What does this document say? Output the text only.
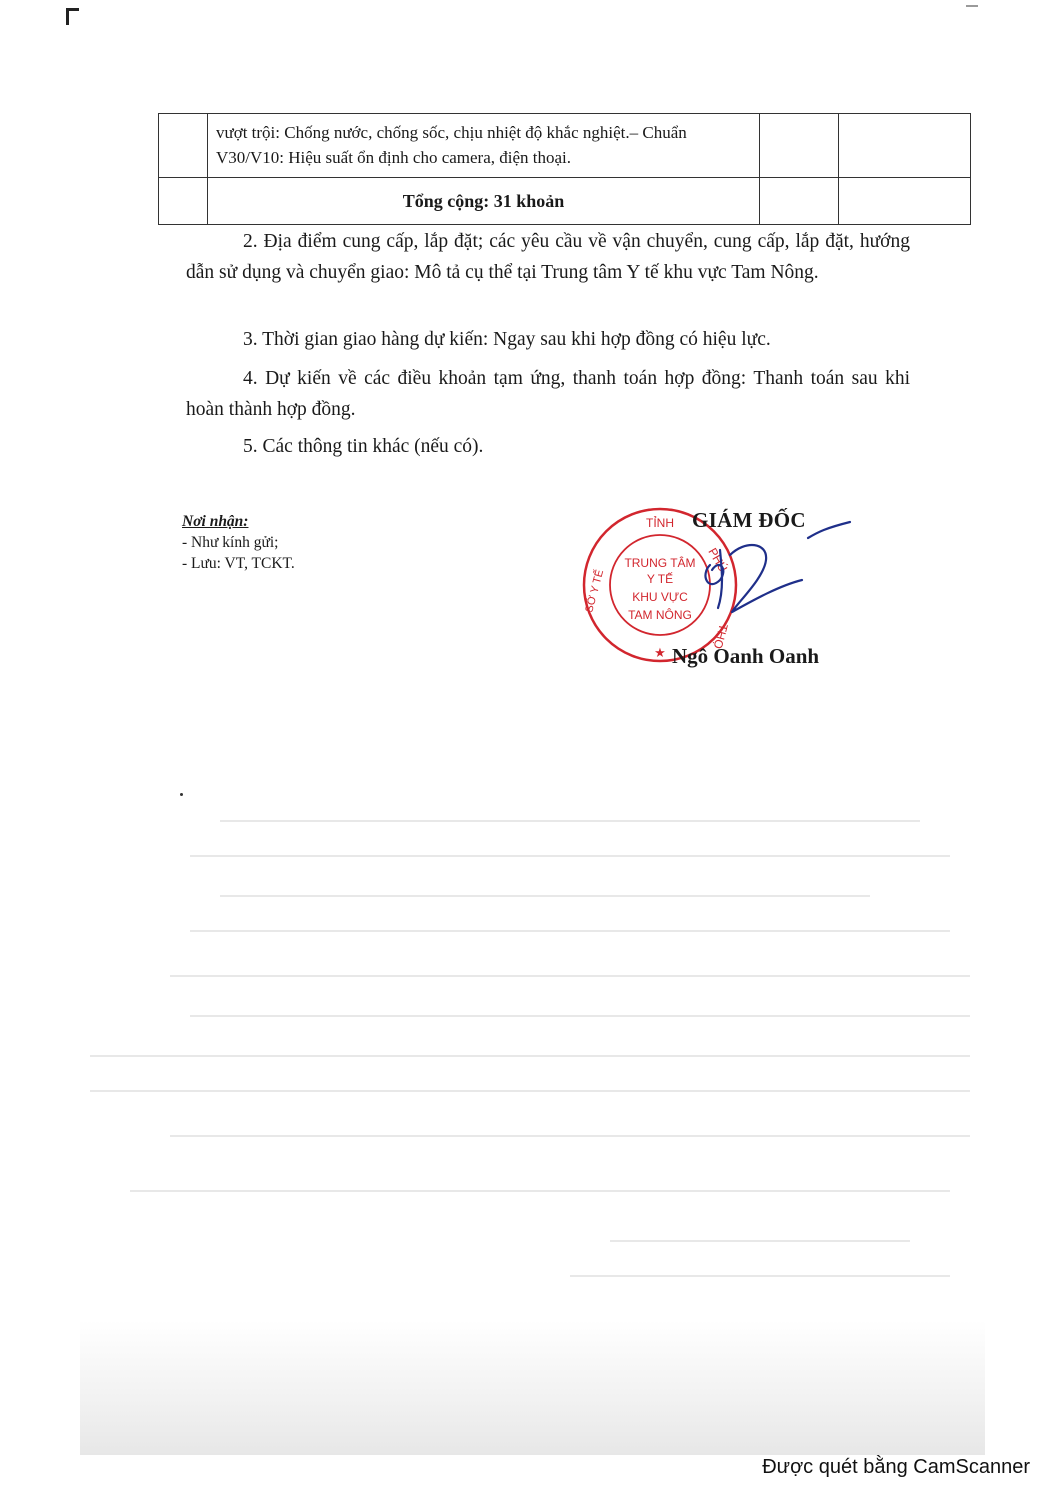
	vượt trội: Chống nước, chống sốc, chịu nhiệt độ khắc nghiệt.– Chuẩn V30/V10: Hiệu suất ổn định cho camera, điện thoại.		
	Tổng cộng: 31 khoản		

2. Địa điểm cung cấp, lắp đặt; các yêu cầu về vận chuyển, cung cấp, lắp đặt, hướng dẫn sử dụng và chuyển giao: Mô tả cụ thể tại Trung tâm Y tế khu vực Tam Nông.

3. Thời gian giao hàng dự kiến: Ngay sau khi hợp đồng có hiệu lực.

4. Dự kiến về các điều khoản tạm ứng, thanh toán hợp đồng: Thanh toán sau khi hoàn thành hợp đồng.

5. Các thông tin khác (nếu có).

Nơi nhận:
- Như kính gửi;
- Lưu: VT, TCKT.
TỈNH
PHÚ
THỌ
SỞ Y TẾ
TRUNG TÂM
Y TẾ
KHU VỰC
TAM NÔNG
★
GIÁM ĐỐC
Ngô Oanh Oanh
Được quét bằng CamScanner
